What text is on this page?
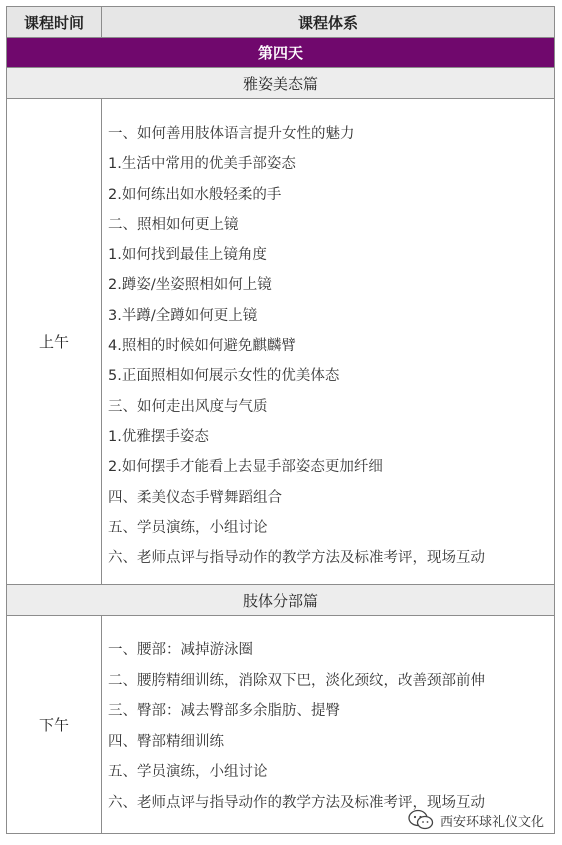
课程时间	课程体系
第四天
雅姿美态篇
上午
一、如何善用肢体语言提升女性的魅力
1.生活中常用的优美手部姿态
2.如何练出如水般轻柔的手
二、照相如何更上镜
1.如何找到最佳上镜角度
2.蹲姿/坐姿照相如何上镜
3.半蹲/全蹲如何更上镜
4.照相的时候如何避免麒麟臂
5.正面照相如何展示女性的优美体态
三、如何走出风度与气质
1.优雅摆手姿态
2.如何摆手才能看上去显手部姿态更加纤细
四、柔美仪态手臂舞蹈组合
五、学员演练，小组讨论
六、老师点评与指导动作的教学方法及标准考评，现场互动
肢体分部篇
下午
一、腰部：减掉游泳圈
二、腰胯精细训练，消除双下巴，淡化颈纹，改善颈部前伸
三、臀部：减去臀部多余脂肪、提臀
四、臀部精细训练
五、学员演练，小组讨论
六、老师点评与指导动作的教学方法及标准考评，现场互动
西安环球礼仪文化
